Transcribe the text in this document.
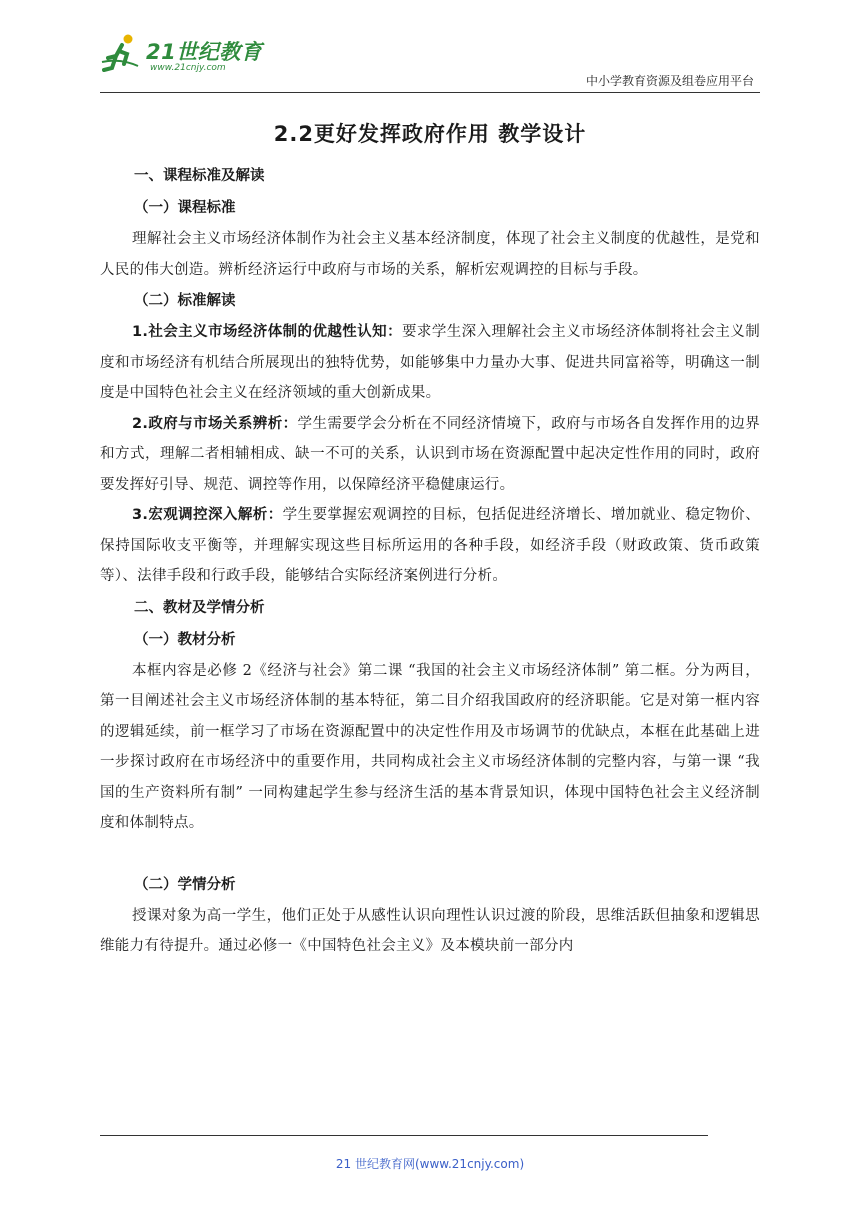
21世纪教育
www.21cnjy.com
中小学教育资源及组卷应用平台
2.2更好发挥政府作用 教学设计
一、课程标准及解读
（一）课程标准

理解社会主义市场经济体制作为社会主义基本经济制度，体现了社会主义制度的优越性，是党和人民的伟大创造。辨析经济运行中政府与市场的关系，解析宏观调控的目标与手段。

（二）标准解读

1.社会主义市场经济体制的优越性认知：要求学生深入理解社会主义市场经济体制将社会主义制度和市场经济有机结合所展现出的独特优势，如能够集中力量办大事、促进共同富裕等，明确这一制度是中国特色社会主义在经济领域的重大创新成果。

2.政府与市场关系辨析：学生需要学会分析在不同经济情境下，政府与市场各自发挥作用的边界和方式，理解二者相辅相成、缺一不可的关系，认识到市场在资源配置中起决定性作用的同时，政府要发挥好引导、规范、调控等作用，以保障经济平稳健康运行。

3.宏观调控深入解析：学生要掌握宏观调控的目标，包括促进经济增长、增加就业、稳定物价、保持国际收支平衡等，并理解实现这些目标所运用的各种手段，如经济手段（财政政策、货币政策等）、法律手段和行政手段，能够结合实际经济案例进行分析。

二、教材及学情分析
（一）教材分析

本框内容是必修 2《经济与社会》第二课 “我国的社会主义市场经济体制” 第二框。分为两目，第一目阐述社会主义市场经济体制的基本特征，第二目介绍我国政府的经济职能。它是对第一框内容的逻辑延续，前一框学习了市场在资源配置中的决定性作用及市场调节的优缺点，本框在此基础上进一步探讨政府在市场经济中的重要作用，共同构成社会主义市场经济体制的完整内容，与第一课 “我国的生产资料所有制” 一同构建起学生参与经济生活的基本背景知识，体现中国特色社会主义经济制度和体制特点。

（二）学情分析

授课对象为高一学生，他们正处于从感性认识向理性认识过渡的阶段，思维活跃但抽象和逻辑思维能力有待提升。通过必修一《中国特色社会主义》及本模块前一部分内

21 世纪教育网(www.21cnjy.com)
